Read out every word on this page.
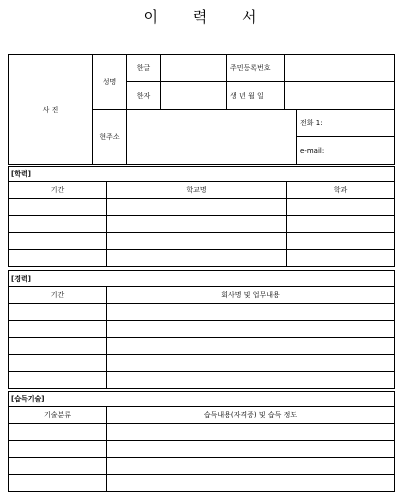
이 력 서
사 진	성명	한글		주민등록번호		
		한자		생 년 월 일		
	현주소					전화 1:
						e-mail:
[학력]		
기간	학교명	학과

[경력]	
기간	회사명 및 업무내용

[습득기술]	
기술분류	습득내용(자격증) 및 습득 정도
